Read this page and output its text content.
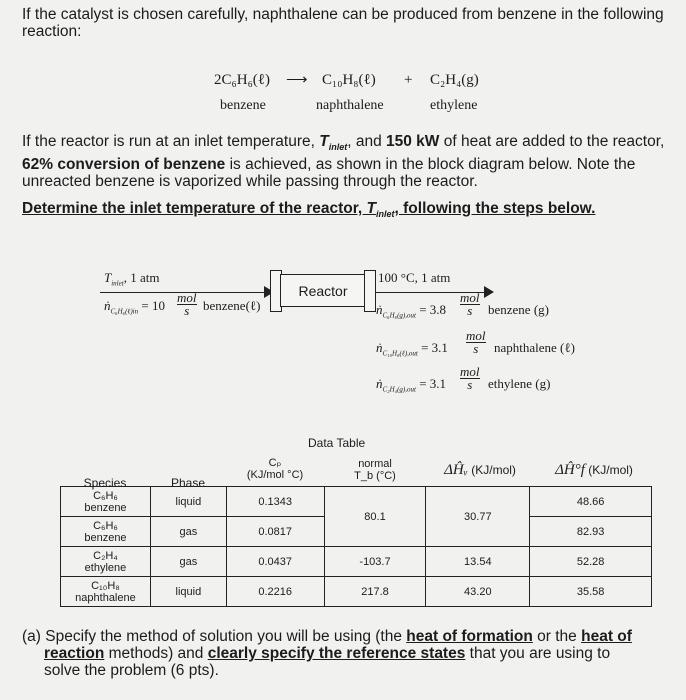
If the catalyst is chosen carefully, naphthalene can be produced from benzene in the following
reaction:
2C₆H₆(ℓ) ⟶ C₁₀H₈(ℓ) + C₂H₄(g)
benzene	naphthalene	ethylene
If the reactor is run at an inlet temperature, $T_{inlet}$, and 150 kW of heat are added to the reactor,
62% conversion of benzene is achieved, as shown in the block diagram below. Note the
unreacted benzene is vaporized while passing through the reactor.
Determine the inlet temperature of the reactor, $T_{inlet}$, following the steps below.
$T_{inlet}$, 1 atm
ṅ$_{C_6H_6(\ell)in}$ = 10
mol
s	benzene(ℓ)
Reactor
100 °C, 1 atm
ṅ$_{C_6H_6(g),out}$ = 3.8
mol
s	benzene (g)
ṅ$_{C_{10}H_8(\ell),out}$ = 3.1
mol
s	naphthalene (ℓ)
ṅ$_{C_2H_4(g),out}$ = 3.1
mol
s	ethylene (g)
Data Table
Species	Phase
Cₚ
(KJ/mol °C)
normal
T_b (°C)	ΔĤᵥ (KJ/mol)	ΔĤ°f (KJ/mol)
C₆H₆
benzene	liquid	0.1343	80.1	30.77	48.66

C₆H₆
benzene	gas	0.0817			82.93

C₂H₄
ethylene	gas	0.0437	-103.7	13.54	52.28

C₁₀H₈
naphthalene	liquid	0.2216	217.8	43.20	35.58
(a) Specify the method of solution you will be using (the heat of formation or the heat of
reaction methods) and clearly specify the reference states that you are using to
solve the problem (6 pts).
